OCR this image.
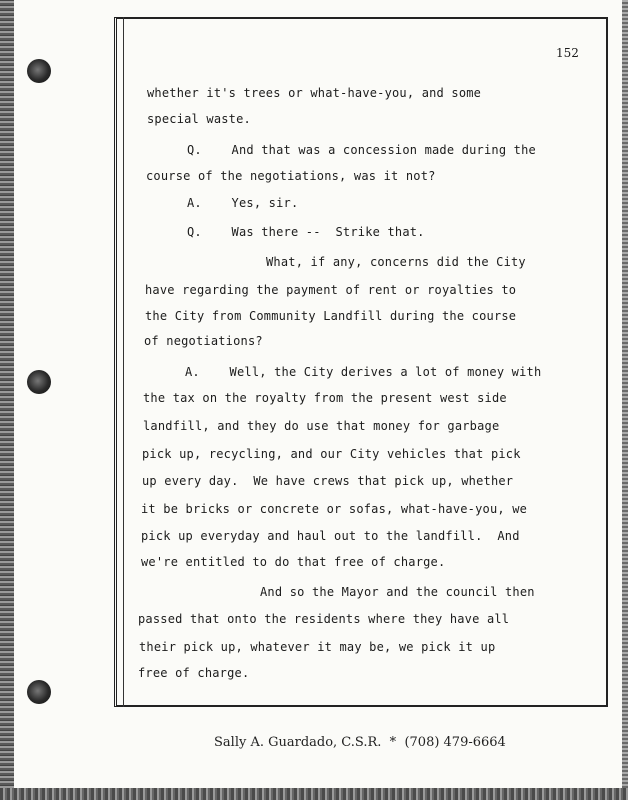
152
whether it's trees or what-have-you, and some
special waste.
Q.    And that was a concession made during the
course of the negotiations, was it not?
A.    Yes, sir.
Q.    Was there --  Strike that.
What, if any, concerns did the City
have regarding the payment of rent or royalties to
the City from Community Landfill during the course
of negotiations?
A.    Well, the City derives a lot of money with
the tax on the royalty from the present west side
landfill, and they do use that money for garbage
pick up, recycling, and our City vehicles that pick
up every day.  We have crews that pick up, whether
it be bricks or concrete or sofas, what-have-you, we
pick up everyday and haul out to the landfill.  And
we're entitled to do that free of charge.
And so the Mayor and the council then
passed that onto the residents where they have all
their pick up, whatever it may be, we pick it up
free of charge.
Sally A. Guardado, C.S.R.  *  (708) 479-6664
